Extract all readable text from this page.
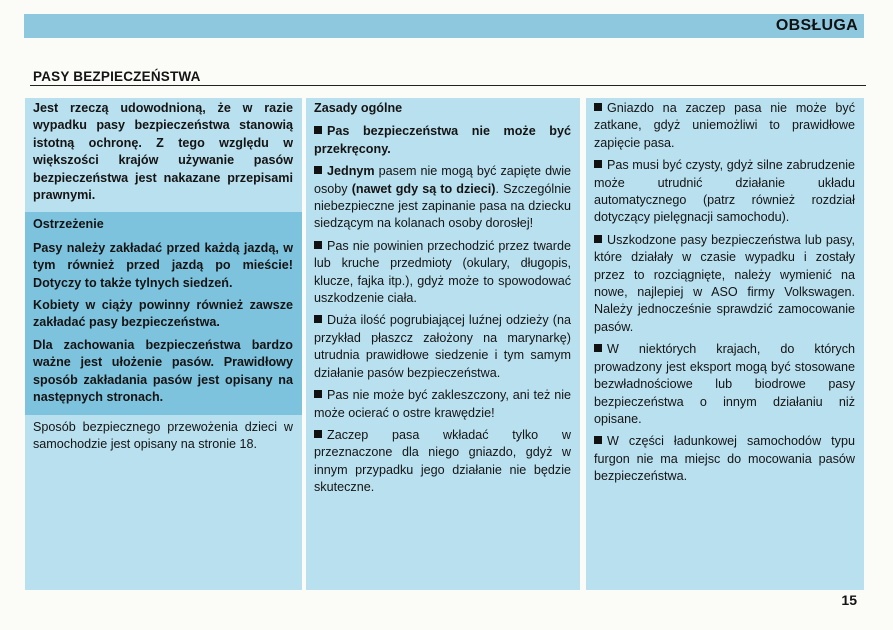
OBSŁUGA
PASY BEZPIECZEŃSTWA

Jest rzeczą udowodnioną, że w razie wypadku pasy bezpieczeństwa stanowią istotną ochronę. Z tego względu w większości krajów używanie pasów bezpieczeństwa jest nakazane przepisami prawnymi.

Ostrzeżenie

Pasy należy zakładać przed każdą jazdą, w tym również przed jazdą po mieście! Dotyczy to także tylnych siedzeń.

Kobiety w ciąży powinny również zawsze zakładać pasy bezpieczeństwa.

Dla zachowania bezpieczeństwa bardzo ważne jest ułożenie pasów. Prawidłowy sposób zakładania pasów jest opisany na następnych stronach.

Sposób bezpiecznego przewożenia dzieci w samochodzie jest opisany na stronie 18.

Zasady ogólne

Pas bezpieczeństwa nie może być przekręcony.

Jednym pasem nie mogą być zapięte dwie osoby (nawet gdy są to dzieci). Szczególnie niebezpieczne jest zapinanie pasa na dziecku siedzącym na kolanach osoby dorosłej!

Pas nie powinien przechodzić przez twarde lub kruche przedmioty (okulary, długopis, klucze, fajka itp.), gdyż może to spowodować uszkodzenie ciała.

Duża ilość pogrubiającej luźnej odzieży (na przykład płaszcz założony na marynarkę) utrudnia prawidłowe siedzenie i tym samym działanie pasów bezpieczeństwa.

Pas nie może być zakleszczony, ani też nie może ocierać o ostre krawędzie!

Zaczep pasa wkładać tylko w przeznaczone dla niego gniazdo, gdyż w innym przypadku jego działanie nie będzie skuteczne.

Gniazdo na zaczep pasa nie może być zatkane, gdyż uniemożliwi to prawidłowe zapięcie pasa.

Pas musi być czysty, gdyż silne zabrudzenie może utrudnić działanie układu automatycznego (patrz również rozdział dotyczący pielęgnacji samochodu).

Uszkodzone pasy bezpieczeństwa lub pasy, które działały w czasie wypadku i zostały przez to rozciągnięte, należy wymienić na nowe, najlepiej w ASO firmy Volkswagen. Należy jednocześnie sprawdzić zamocowanie pasów.

W niektórych krajach, do których prowadzony jest eksport mogą być stosowane bezwładnościowe lub biodrowe pasy bezpieczeństwa o innym działaniu niż opisane.

W części ładunkowej samochodów typu furgon nie ma miejsc do mocowania pasów bezpieczeństwa.

15
